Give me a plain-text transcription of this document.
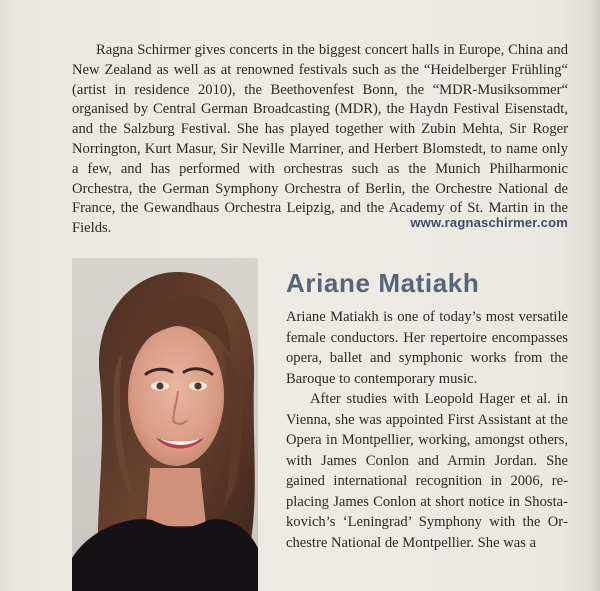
Ragna Schirmer gives concerts in the biggest concert halls in Europe, China and New Zealand as well as at renowned festivals such as the “Heidelberger Frühling“ (artist in residence 2010), the Beethovenfest Bonn, the “MDR-Musiksommer“ organised by Central German Broadcasting (MDR), the Haydn Festival Eisenstadt, and the Salzburg Festival. She has played together with Zubin Mehta, Sir Roger Norrington, Kurt Masur, Sir Neville Marriner, and Herbert Blomstedt, to name only a few, and has performed with orchestras such as the Munich Philharmonic Orchestra, the German Symphony Orchestra of Berlin, the Orchestre National de France, the Gewandhaus Orchestra Leipzig, and the Academy of St. Martin in the Fields.	www.ragnaschirmer.com
Ariane Matiakh

Ariane Matiakh is one of today’s most versatile female conductors. Her repertoire encompasses opera, ballet and symphonic works from the Baroque to contemporary music.

After studies with Leopold Hager et al. in Vienna, she was appointed First Assistant at the Opera in Montpellier, working, amongst others, with James Conlon and Armin Jordan. She gained international recognition in 2006, replacing James Conlon at short notice in Shostakovich’s ‘Leningrad’ Symphony with the Orchestre National de Montpellier. She was a
